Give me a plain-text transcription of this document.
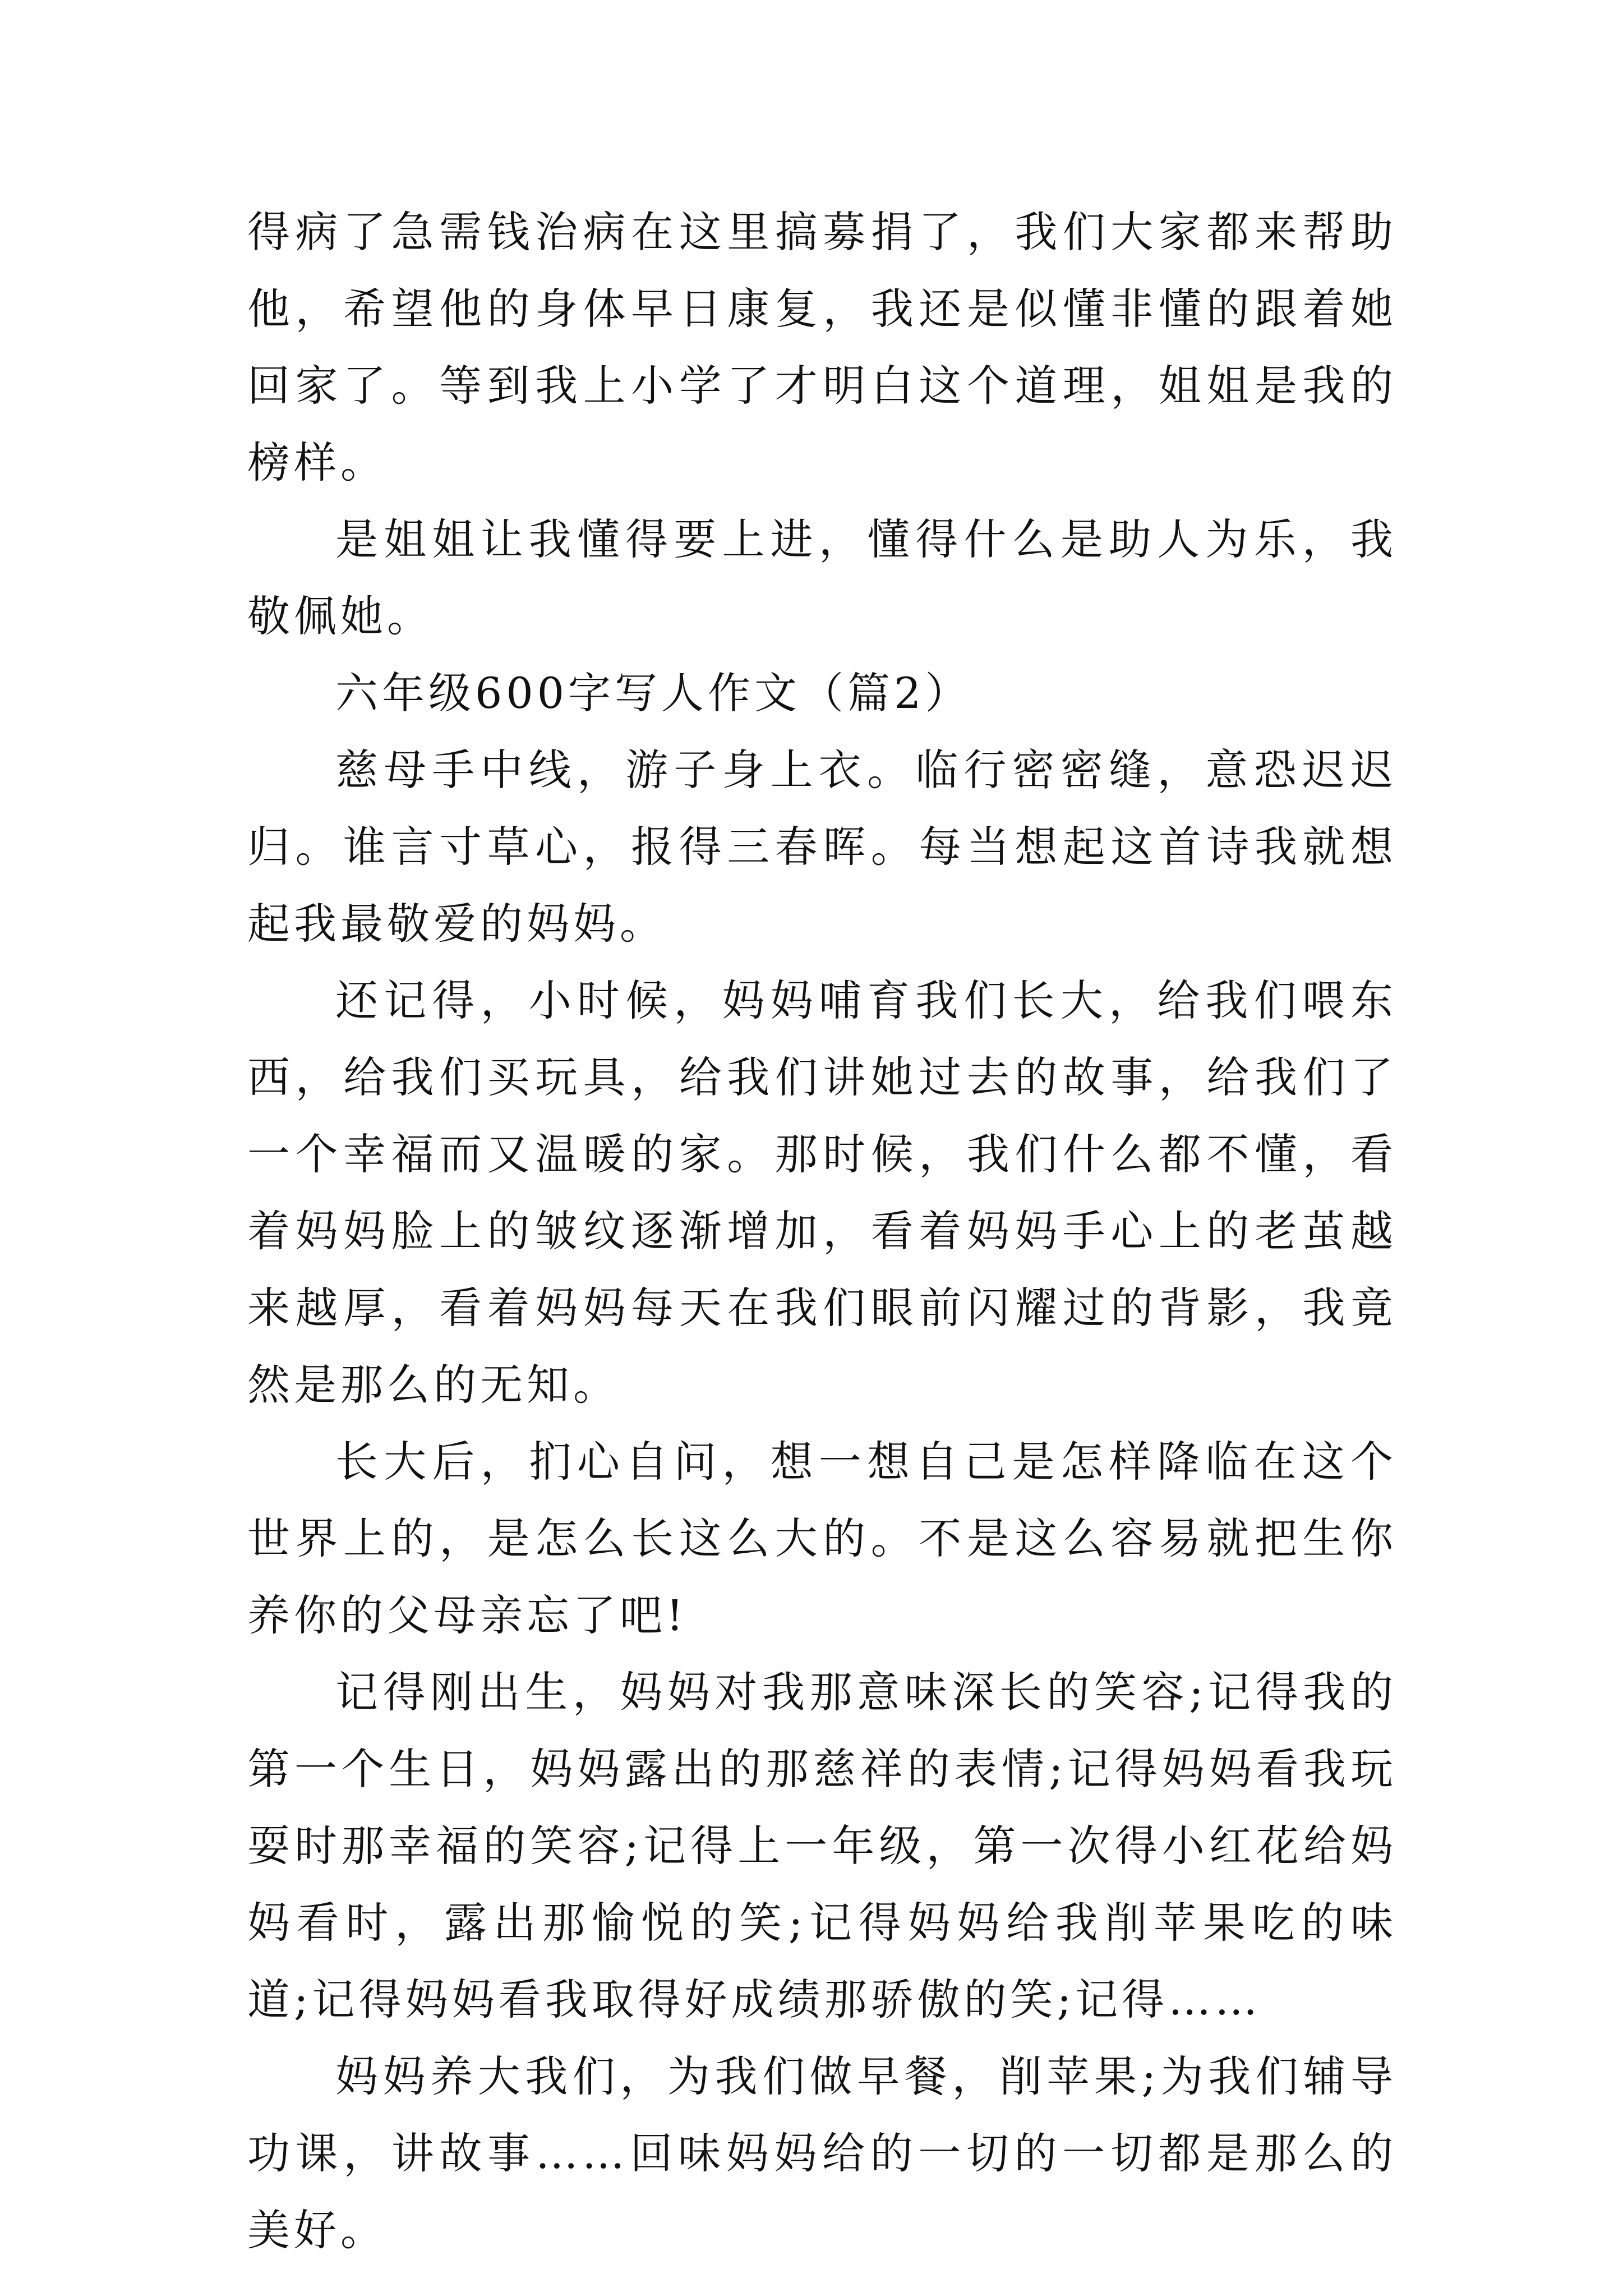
得病了急需钱治病在这里搞募捐了，我们大家都来帮助他，希望他的身体早日康复，我还是似懂非懂的跟着她回家了。等到我上小学了才明白这个道理，姐姐是我的榜样。

是姐姐让我懂得要上进，懂得什么是助人为乐，我敬佩她。

六年级600字写人作文（篇2）

慈母手中线，游子身上衣。临行密密缝，意恐迟迟归。谁言寸草心，报得三春晖。每当想起这首诗我就想起我最敬爱的妈妈。

还记得，小时候，妈妈哺育我们长大，给我们喂东西，给我们买玩具，给我们讲她过去的故事，给我们了一个幸福而又温暖的家。那时候，我们什么都不懂，看着妈妈脸上的皱纹逐渐增加，看着妈妈手心上的老茧越来越厚，看着妈妈每天在我们眼前闪耀过的背影，我竟然是那么的无知。

长大后，扪心自问，想一想自己是怎样降临在这个世界上的，是怎么长这么大的。不是这么容易就把生你养你的父母亲忘了吧!

记得刚出生，妈妈对我那意味深长的笑容;记得我的第一个生日，妈妈露出的那慈祥的表情;记得妈妈看我玩耍时那幸福的笑容;记得上一年级，第一次得小红花给妈妈看时，露出那愉悦的笑;记得妈妈给我削苹果吃的味道;记得妈妈看我取得好成绩那骄傲的笑;记得……

妈妈养大我们，为我们做早餐，削苹果;为我们辅导功课，讲故事……回味妈妈给的一切的一切都是那么的美好。
